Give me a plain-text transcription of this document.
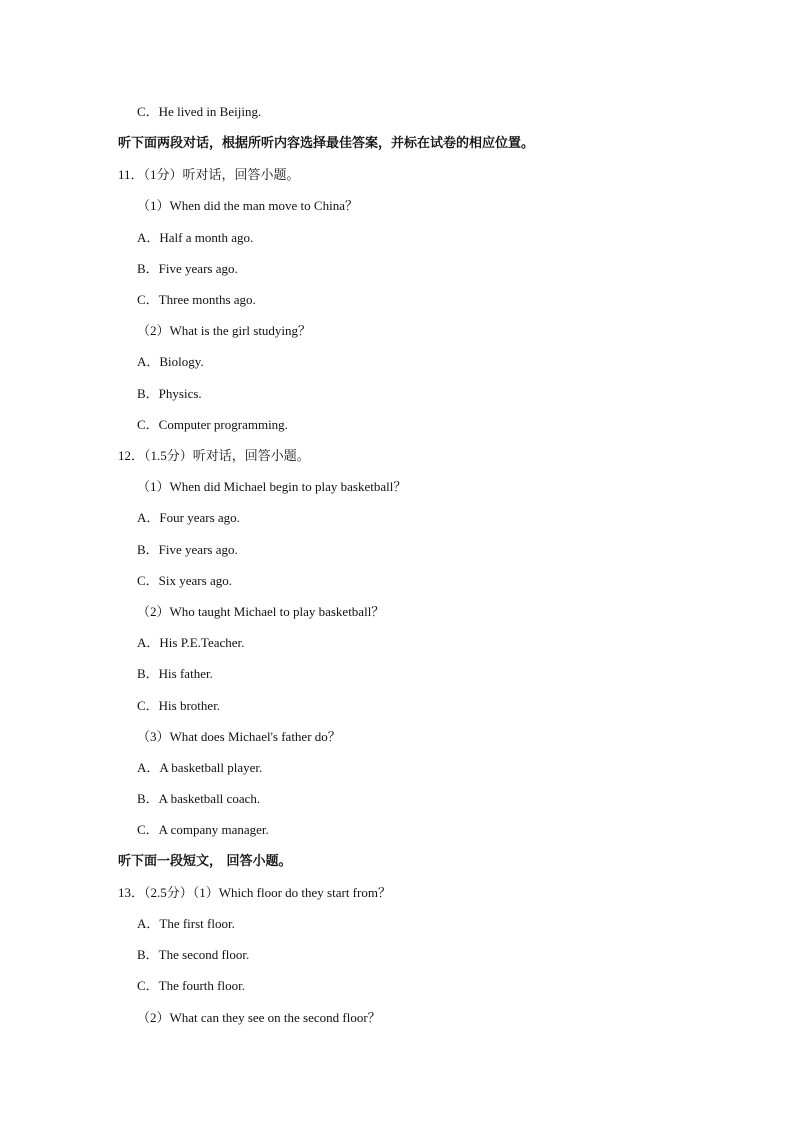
C．He lived in Beijing.
听下面两段对话，根据所听内容选择最佳答案，并标在试卷的相应位置。
11．（1分）听对话，回答小题。
（1）When did the man move to China？
A．Half a month ago.
B．Five years ago.
C．Three months ago.
（2）What is the girl studying？
A．Biology.
B．Physics.
C．Computer programming.
12．（1.5分）听对话，回答小题。
（1）When did Michael begin to play basketball？
A．Four years ago.
B．Five years ago.
C．Six years ago.
（2）Who taught Michael to play basketball？
A．His P.E.Teacher.
B．His father.
C．His brother.
（3）What does Michael's father do？
A．A basketball player.
B．A basketball coach.
C．A company manager.
听下面一段短文， 回答小题。
13．（2.5分）（1）Which floor do they start from？
A．The first floor.
B．The second floor.
C．The fourth floor.
（2）What can they see on the second floor？
